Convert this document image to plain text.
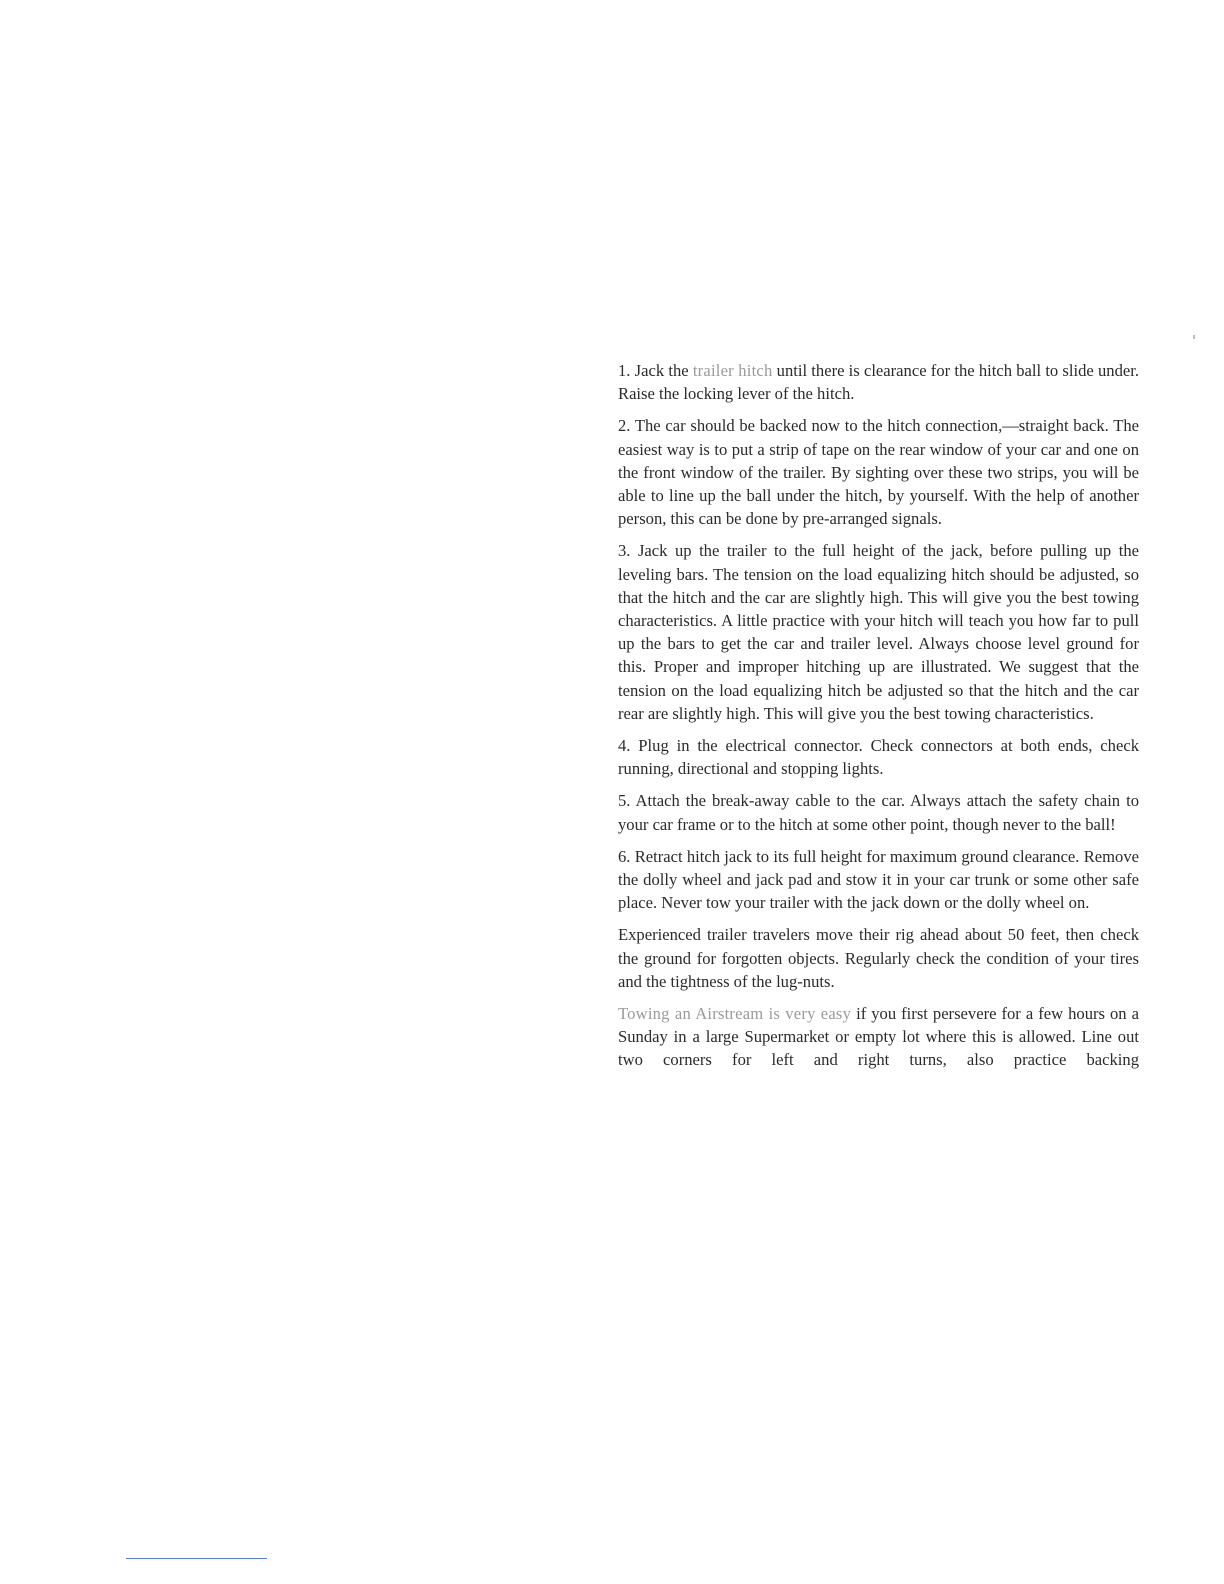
1. Jack the trailer hitch until there is clearance for the hitch ball to slide under. Raise the locking lever of the hitch.

2. The car should be backed now to the hitch connection,—straight back. The easiest way is to put a strip of tape on the rear window of your car and one on the front window of the trailer. By sighting over these two strips, you will be able to line up the ball under the hitch, by yourself. With the help of another person, this can be done by pre-arranged signals.

3. Jack up the trailer to the full height of the jack, before pulling up the leveling bars. The tension on the load equalizing hitch should be adjusted, so that the hitch and the car are slightly high. This will give you the best towing characteristics. A little practice with your hitch will teach you how far to pull up the bars to get the car and trailer level. Always choose level ground for this. Proper and improper hitching up are illustrated. We suggest that the tension on the load equalizing hitch be adjusted so that the hitch and the car rear are slightly high. This will give you the best towing characteristics.

4. Plug in the electrical connector. Check connectors at both ends, check running, directional and stopping lights.

5. Attach the break-away cable to the car. Always attach the safety chain to your car frame or to the hitch at some other point, though never to the ball!

6. Retract hitch jack to its full height for maximum ground clearance. Remove the dolly wheel and jack pad and stow it in your car trunk or some other safe place. Never tow your trailer with the jack down or the dolly wheel on.

Experienced trailer travelers move their rig ahead about 50 feet, then check the ground for forgotten objects. Regularly check the condition of your tires and the tightness of the lug-nuts.

Towing an Airstream is very easy if you first persevere for a few hours on a Sunday in a large Supermarket or empty lot where this is allowed. Line out two corners for left and right turns, also practice backing
